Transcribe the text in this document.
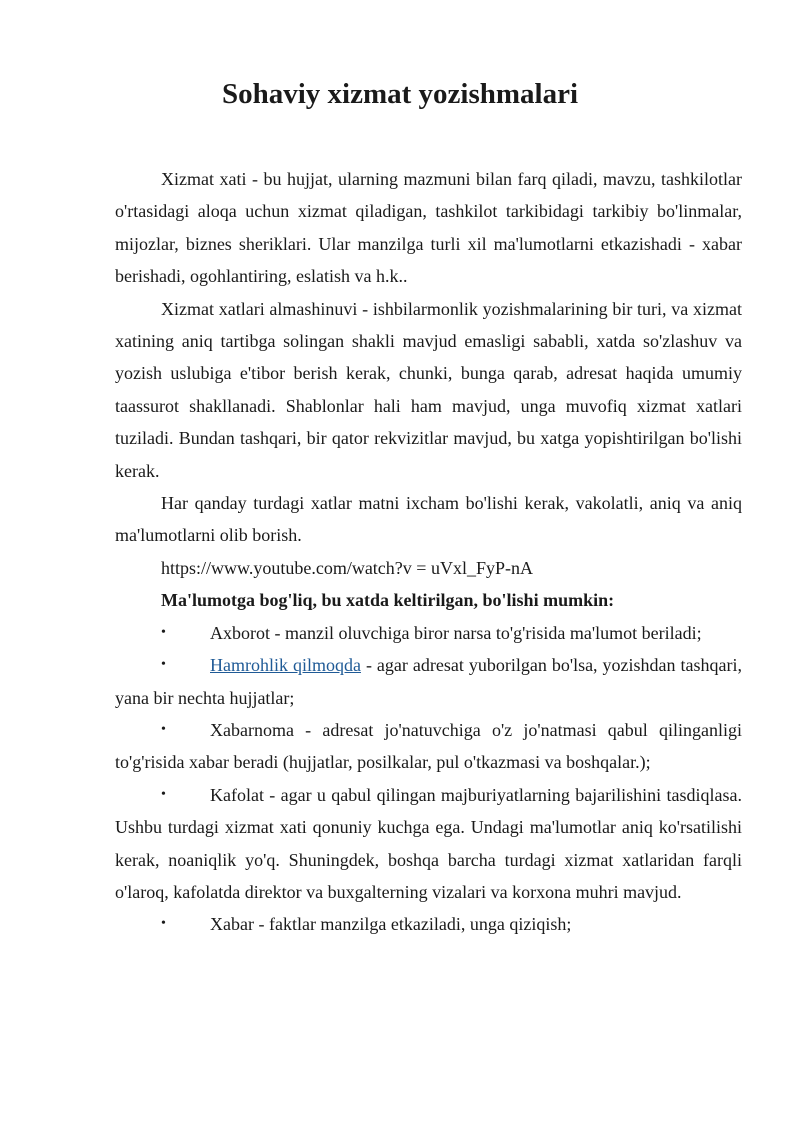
Sohaviy xizmat yozishmalari

Xizmat xati - bu hujjat, ularning mazmuni bilan farq qiladi, mavzu, tashkilotlar o'rtasidagi aloqa uchun xizmat qiladigan, tashkilot tarkibidagi tarkibiy bo'linmalar, mijozlar, biznes sheriklari. Ular manzilga turli xil ma'lumotlarni etkazishadi - xabar berishadi, ogohlantiring, eslatish va h.k..

Xizmat xatlari almashinuvi - ishbilarmonlik yozishmalarining bir turi, va xizmat xatining aniq tartibga solingan shakli mavjud emasligi sababli, xatda so'zlashuv va yozish uslubiga e'tibor berish kerak, chunki, bunga qarab, adresat haqida umumiy taassurot shakllanadi. Shablonlar hali ham mavjud, unga muvofiq xizmat xatlari tuziladi. Bundan tashqari, bir qator rekvizitlar mavjud, bu xatga yopishtirilgan bo'lishi kerak.

Har qanday turdagi xatlar matni ixcham bo'lishi kerak, vakolatli, aniq va aniq ma'lumotlarni olib borish.

https://www.youtube.com/watch?v = uVxl_FyP-nA

Ma'lumotga bog'liq, bu xatda keltirilgan, bo'lishi mumkin:

• Axborot - manzil oluvchiga biror narsa to'g'risida ma'lumot beriladi;

• Hamrohlik qilmoqda - agar adresat yuborilgan bo'lsa, yozishdan tashqari, yana bir nechta hujjatlar;

• Xabarnoma - adresat jo'natuvchiga o'z jo'natmasi qabul qilinganligi to'g'risida xabar beradi (hujjatlar, posilkalar, pul o'tkazmasi va boshqalar.);

• Kafolat - agar u qabul qilingan majburiyatlarning bajarilishini tasdiqlasa. Ushbu turdagi xizmat xati qonuniy kuchga ega. Undagi ma'lumotlar aniq ko'rsatilishi kerak, noaniqlik yo'q. Shuningdek, boshqa barcha turdagi xizmat xatlaridan farqli o'laroq, kafolatda direktor va buxgalterning vizalari va korxona muhri mavjud.

• Xabar - faktlar manzilga etkaziladi, unga qiziqish;
